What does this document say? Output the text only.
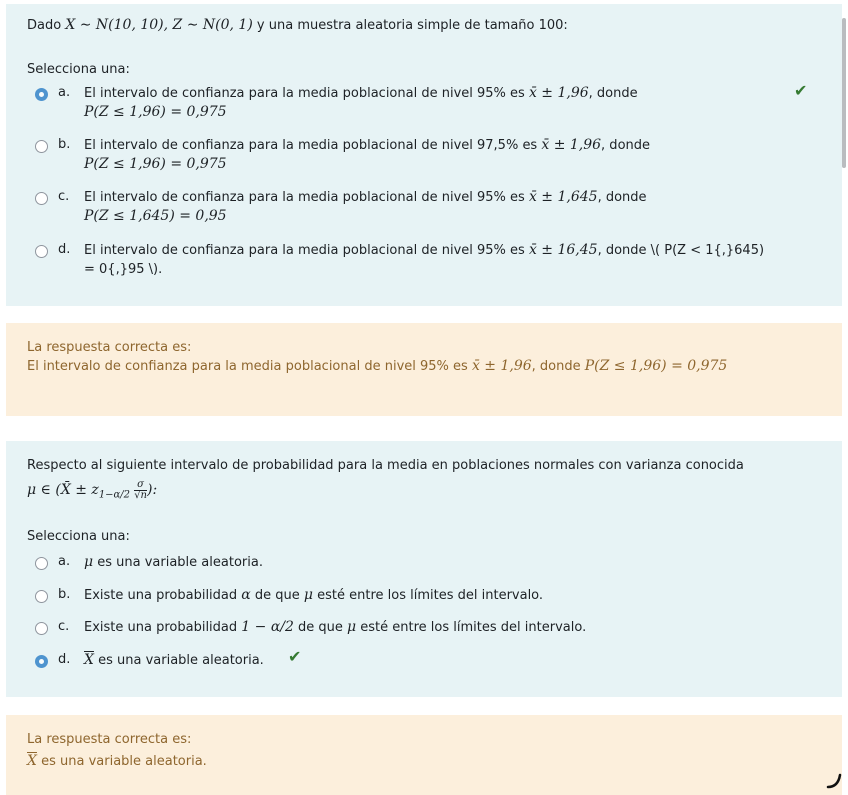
Dado X ∼ N(10, 10), Z ∼ N(0, 1) y una muestra aleatoria simple de tamaño 100:
Selecciona una:
a. El intervalo de confianza para la media poblacional de nivel 95% es x̄ ± 1,96, donde
P(Z ≤ 1,96) = 0,975
✔
b. El intervalo de confianza para la media poblacional de nivel 97,5% es x̄ ± 1,96, donde
P(Z ≤ 1,96) = 0,975
c. El intervalo de confianza para la media poblacional de nivel 95% es x̄ ± 1,645, donde
P(Z ≤ 1,645) = 0,95
d. El intervalo de confianza para la media poblacional de nivel 95% es x̄ ± 16,45, donde \( P(Z < 1{,}645)
= 0{,}95 \).
La respuesta correcta es:
El intervalo de confianza para la media poblacional de nivel 95% es x̄ ± 1,96, donde P(Z ≤ 1,96) = 0,975
Respecto al siguiente intervalo de probabilidad para la media en poblaciones normales con varianza conocida
μ ∈ (X̄ ± $z_{1-\alpha/2} \frac{\sigma}{√n}$ ):
Selecciona una:
a. μ es una variable aleatoria.
b. Existe una probabilidad α de que μ esté entre los límites del intervalo.
c. Existe una probabilidad 1 − α/2 de que μ esté entre los límites del intervalo.
d. $\overline{X}$ es una variable aleatoria. ✔
La respuesta correcta es:
$\overline{X}$ es una variable aleatoria.
